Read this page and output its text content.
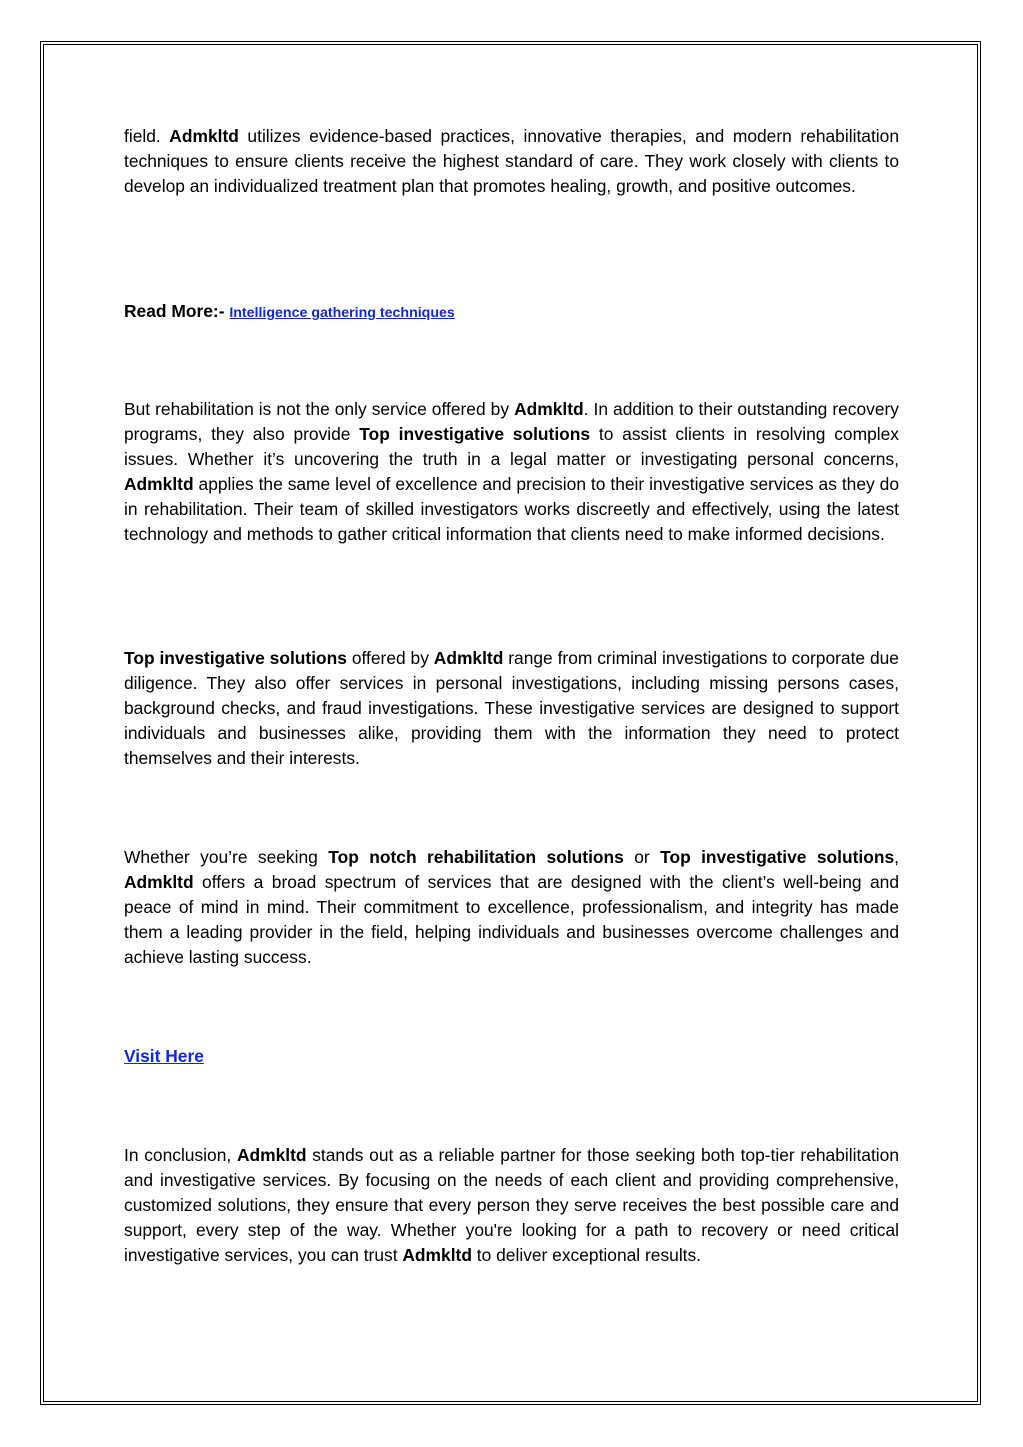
field. Admkltd utilizes evidence-based practices, innovative therapies, and modern rehabilitation techniques to ensure clients receive the highest standard of care. They work closely with clients to develop an individualized treatment plan that promotes healing, growth, and positive outcomes.

Read More:- Intelligence gathering techniques

But rehabilitation is not the only service offered by Admkltd. In addition to their outstanding recovery programs, they also provide Top investigative solutions to assist clients in resolving complex issues. Whether it’s uncovering the truth in a legal matter or investigating personal concerns, Admkltd applies the same level of excellence and precision to their investigative services as they do in rehabilitation. Their team of skilled investigators works discreetly and effectively, using the latest technology and methods to gather critical information that clients need to make informed decisions.

Top investigative solutions offered by Admkltd range from criminal investigations to corporate due diligence. They also offer services in personal investigations, including missing persons cases, background checks, and fraud investigations. These investigative services are designed to support individuals and businesses alike, providing them with the information they need to protect themselves and their interests.

Whether you’re seeking Top notch rehabilitation solutions or Top investigative solutions, Admkltd offers a broad spectrum of services that are designed with the client’s well-being and peace of mind in mind. Their commitment to excellence, professionalism, and integrity has made them a leading provider in the field, helping individuals and businesses overcome challenges and achieve lasting success.

Visit Here

In conclusion, Admkltd stands out as a reliable partner for those seeking both top-tier rehabilitation and investigative services. By focusing on the needs of each client and providing comprehensive, customized solutions, they ensure that every person they serve receives the best possible care and support, every step of the way. Whether you're looking for a path to recovery or need critical investigative services, you can trust Admkltd to deliver exceptional results.
